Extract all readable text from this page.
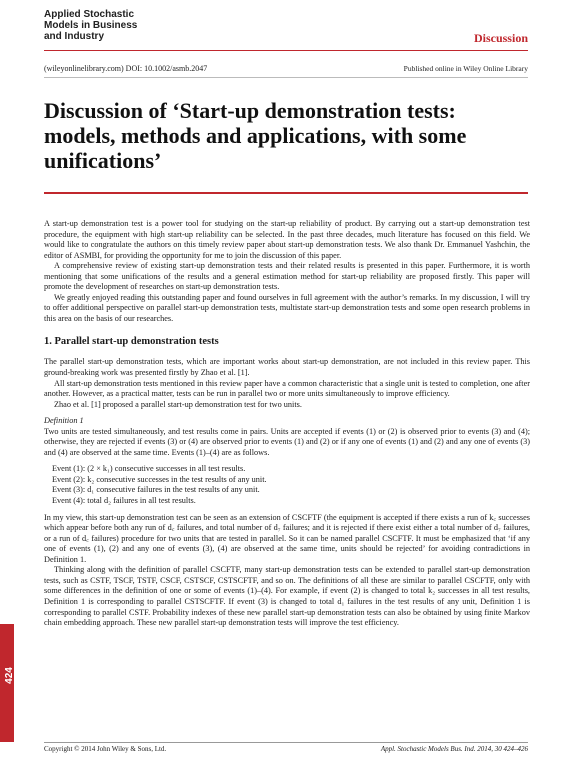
Applied Stochastic
Models in Business
and Industry	Discussion
(wileyonlinelibrary.com) DOI: 10.1002/asmb.2047	Published online in Wiley Online Library
Discussion of ‘Start-up demonstration tests: models, methods and applications, with some unifications’

A start-up demonstration test is a power tool for studying on the start-up reliability of product. By carrying out a start-up demonstration test procedure, the equipment with high start-up reliability can be selected. In the past three decades, much literature has focused on this field. We would like to congratulate the authors on this timely review paper about start-up demonstration tests. We also thank Dr. Emmanuel Yashchin, the editor of ASMBI, for providing the opportunity for me to join the discussion of this paper.

A comprehensive review of existing start-up demonstration tests and their related results is presented in this paper. Furthermore, it is worth mentioning that some unifications of the results and a general estimation method for start-up reliability are proposed firstly. This paper will promote the development of researches on start-up demonstration tests.

We greatly enjoyed reading this outstanding paper and found ourselves in full agreement with the author’s remarks. In my discussion, I will try to offer additional perspective on parallel start-up demonstration tests, multistate start-up demonstration tests and some open research problems in this area on the basis of our researches.

1. Parallel start-up demonstration tests

The parallel start-up demonstration tests, which are important works about start-up demonstration, are not included in this review paper. This ground-breaking work was presented firstly by Zhao et al. [1].

All start-up demonstration tests mentioned in this review paper have a common characteristic that a single unit is tested to completion, one after another. However, as a practical matter, tests can be run in parallel two or more units simultaneously to improve efficiency.

Zhao et al. [1] proposed a parallel start-up demonstration test for two units.

Definition 1

Two units are tested simultaneously, and test results come in pairs. Units are accepted if events (1) or (2) is observed prior to events (3) and (4); otherwise, they are rejected if events (3) or (4) are observed prior to events (1) and (2) or if any one of events (1) and (2) and any one of events (3) and (4) are observed at the same time. Events (1)–(4) are as follows.

Event (1): (2 × k₁) consecutive successes in all test results.
Event (2): k₂ consecutive successes in the test results of any unit.
Event (3): d₁ consecutive failures in the test results of any unit.
Event (4): total d₂ failures in all test results.

In my view, this start-up demonstration test can be seen as an extension of CSCFTF (the equipment is accepted if there exists a run of k꜀ successes which appear before both any run of d꜀ failures, and total number of d₇ failures; and it is rejected if there exist either a total number of d₇ failures, or a run of d꜀ failures) procedure for two units that are tested in parallel. So it can be named parallel CSCFTF. It must be emphasized that ‘if any one of events (1), (2) and any one of events (3), (4) are observed at the same time, units should be rejected’ for avoiding contradictions in Definition 1.

Thinking along with the definition of parallel CSCFTF, many start-up demonstration tests can be extended to parallel start-up demonstration tests, such as CSTF, TSCF, TSTF, CSCF, CSTSCF, CSTSCFTF, and so on. The definitions of all these are similar to parallel CSCFTF, only with some differences in the definition of one or some of events (1)–(4). For example, if event (2) is changed to total k₂ successes in all test results, Definition 1 is corresponding to parallel CSTSCFTF. If event (3) is changed to total d₁ failures in the test results of any unit, Definition 1 is corresponding to parallel CSTF. Probability indexes of these new parallel start-up demonstration tests can also be obtained by using finite Markov chain embedding approach. These new parallel start-up demonstration tests will improve the test efficiency.

424
Copyright © 2014 John Wiley & Sons, Ltd.	Appl. Stochastic Models Bus. Ind. 2014, 30 424–426
